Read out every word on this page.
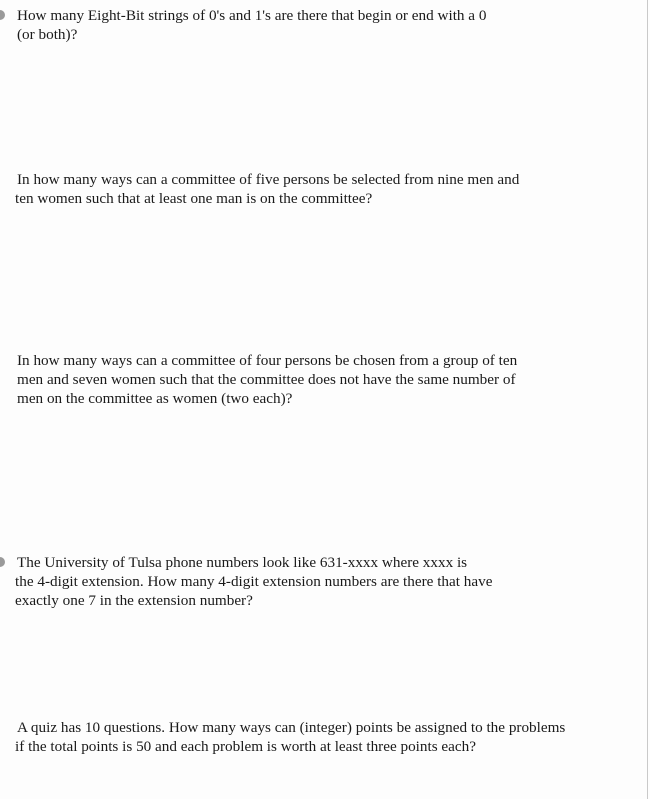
How many Eight-Bit strings of 0's and 1's are there that begin or end with a 0
(or both)?
In how many ways can a committee of five persons be selected from nine men and
ten women such that at least one man is on the committee?
In how many ways can a committee of four persons be chosen from a group of ten
men and seven women such that the committee does not have the same number of
men on the committee as women (two each)?
The University of Tulsa phone numbers look like 631-xxxx where xxxx is
the 4-digit extension. How many 4-digit extension numbers are there that have
exactly one 7 in the extension number?
A quiz has 10 questions. How many ways can (integer) points be assigned to the problems
if the total points is 50 and each problem is worth at least three points each?
